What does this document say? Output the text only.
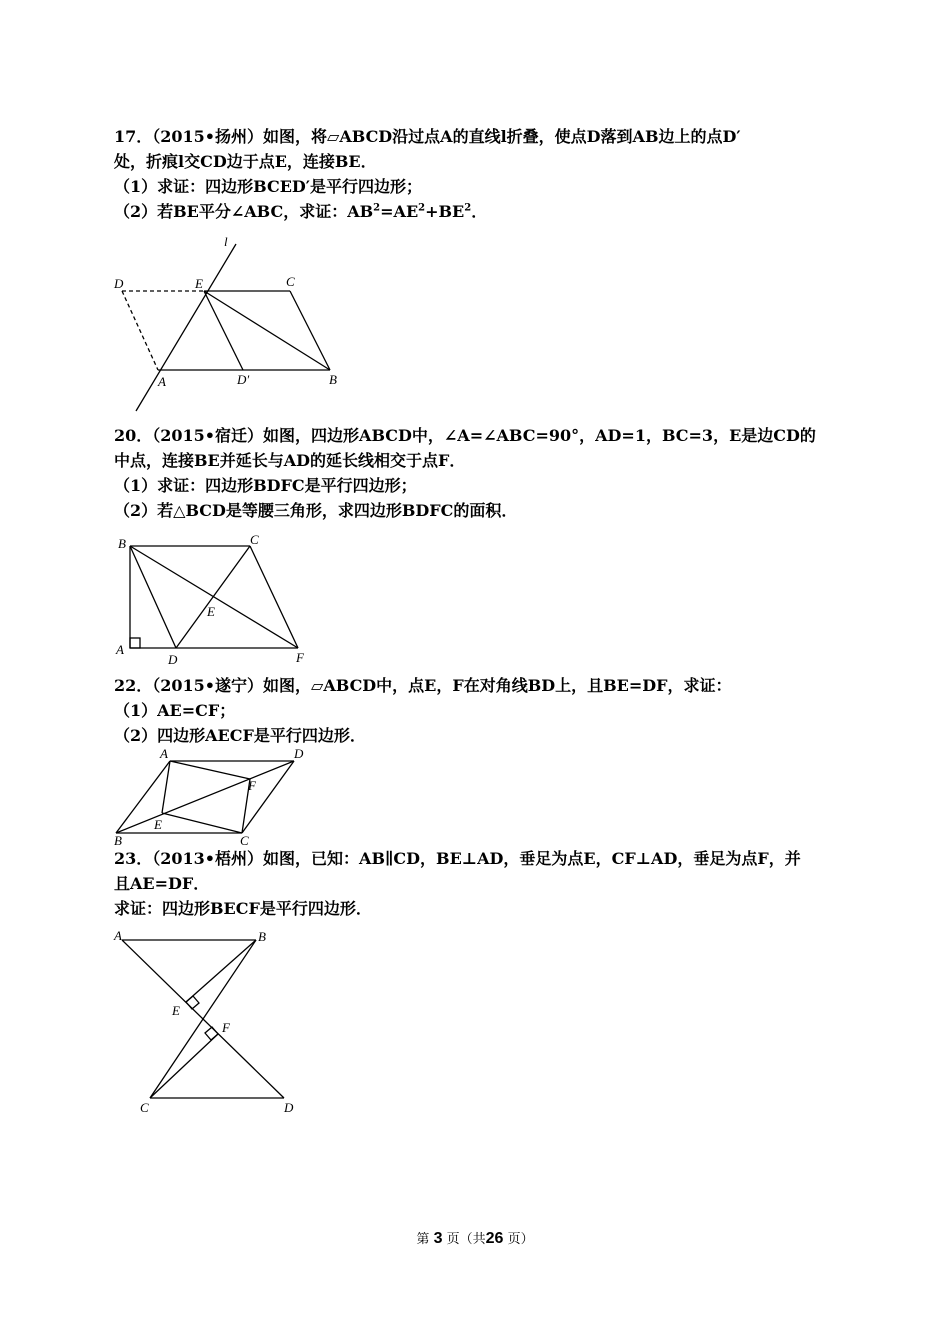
17．（2015•扬州）如图，将▱ABCD沿过点A的直线l折叠，使点D落到AB边上的点D′
处，折痕l交CD边于点E，连接BE．
（1）求证：四边形BCED′是平行四边形；
（2）若BE平分∠ABC，求证：$AB^2=AE^2+BE^2$．
l
D	E	C
A	D′	B
20．（2015•宿迁）如图，四边形ABCD中，∠A=∠ABC=90°，AD=1，BC=3，E是边CD的
中点，连接BE并延长与AD的延长线相交于点F．
（1）求证：四边形BDFC是平行四边形；
（2）若△BCD是等腰三角形，求四边形BDFC的面积．
B	C
E
A
D	F
22．（2015•遂宁）如图，▱ABCD中，点E，F在对角线BD上，且BE=DF，求证：
（1）AE=CF；
（2）四边形AECF是平行四边形．
A	D
F
E
B	C
23．（2013•梧州）如图，已知：AB∥CD，BE⊥AD，垂足为点E，CF⊥AD，垂足为点F，并
且AE=DF．
求证：四边形BECF是平行四边形．
A	B
E
F
C	D
第 3 页（共26 页）
